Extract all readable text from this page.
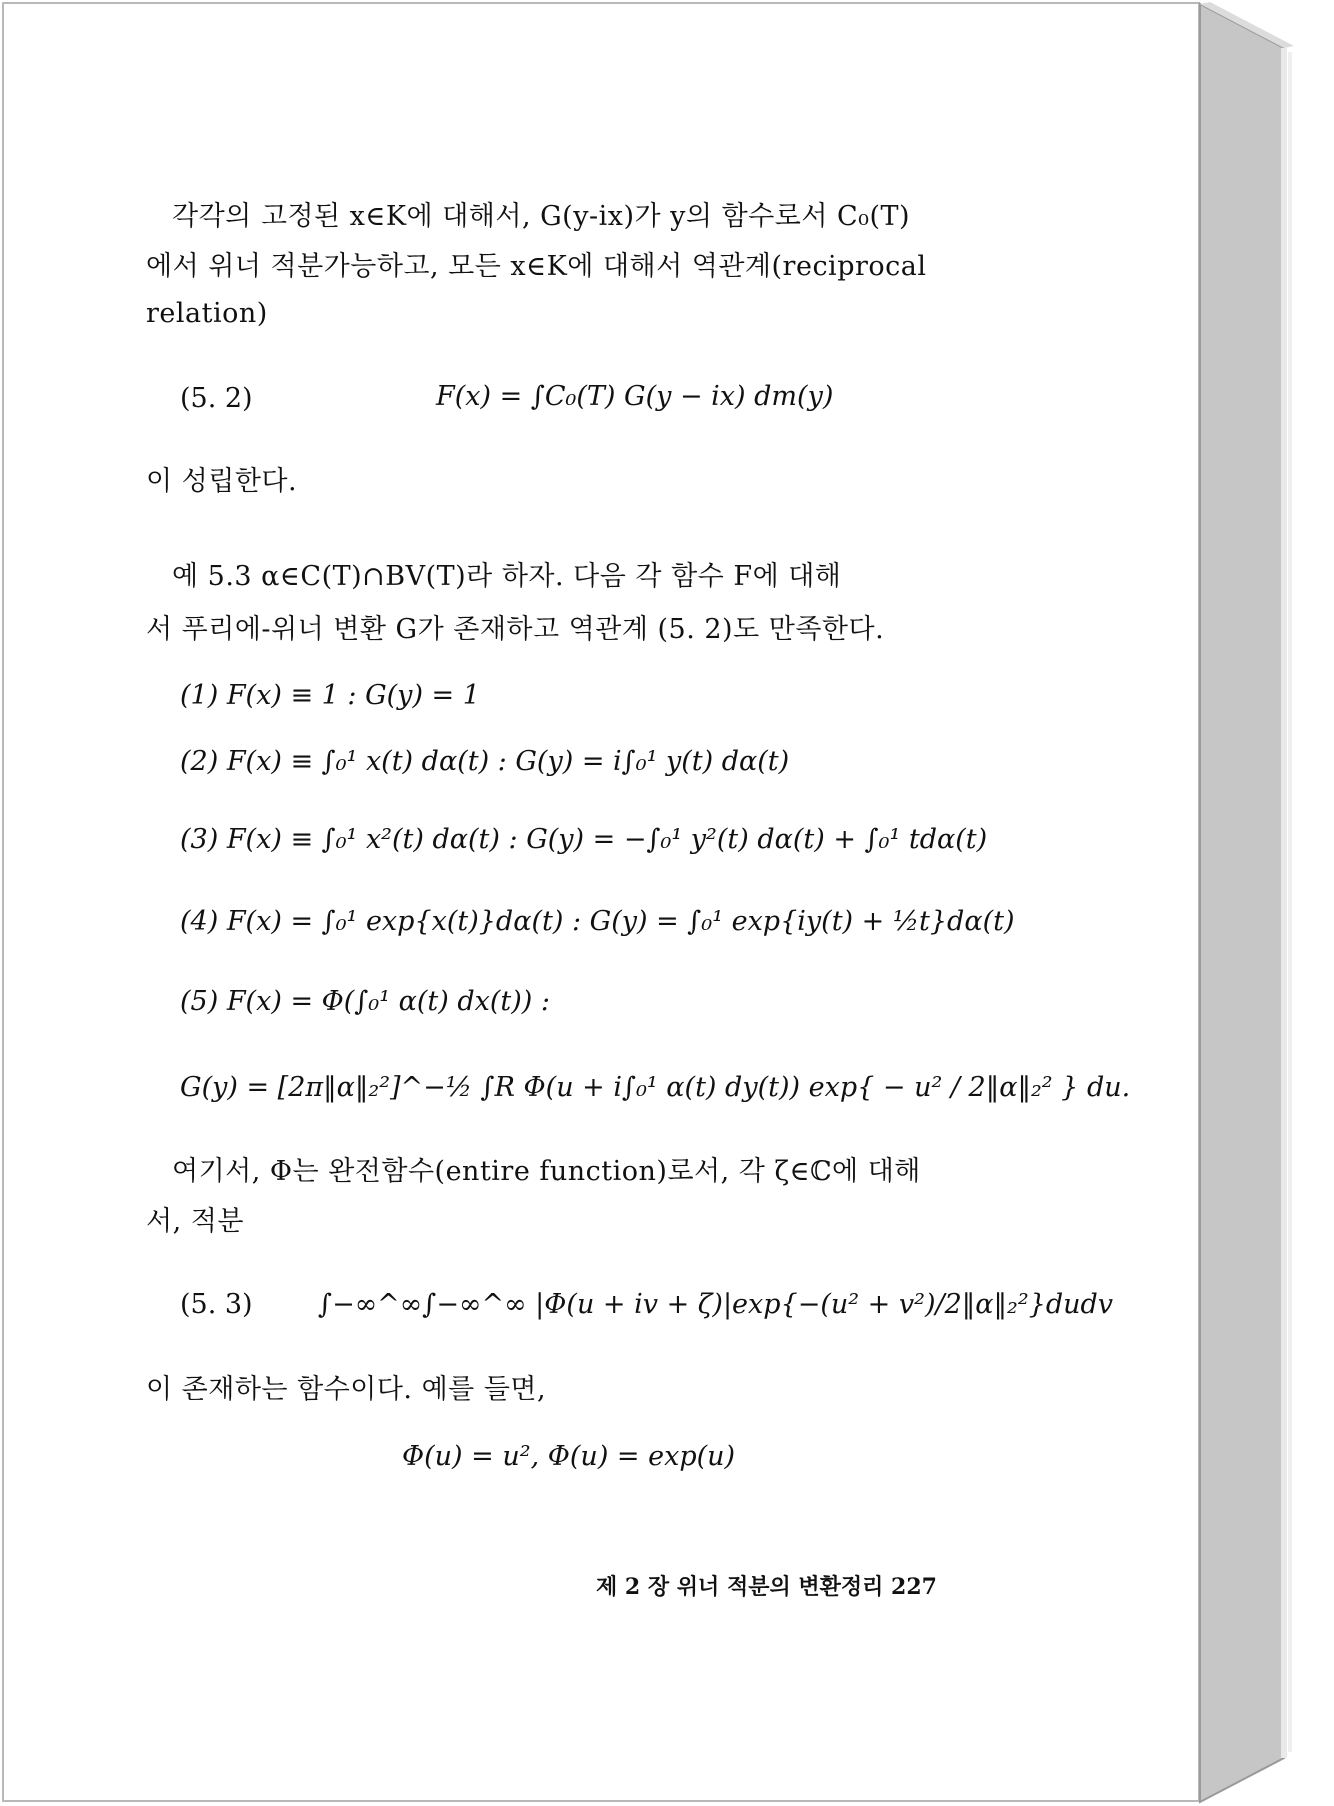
각각의 고정된 x∈K에 대해서, G(y-ix)가 y의 함수로서 C₀(T)
에서 위너 적분가능하고, 모든 x∈K에 대해서 역관계(reciprocal
relation)
(5. 2)	F(x) = ∫C₀(T) G(y − ix) dm(y)
이 성립한다.
예 5.3 α∈C(T)∩BV(T)라 하자. 다음 각 함수 F에 대해
서 푸리에-위너 변환 G가 존재하고 역관계 (5. 2)도 만족한다.
(1) F(x) ≡ 1 : G(y) = 1
(2) F(x) ≡ ∫₀¹ x(t) dα(t) : G(y) = i∫₀¹ y(t) dα(t)
(3) F(x) ≡ ∫₀¹ x²(t) dα(t) : G(y) = −∫₀¹ y²(t) dα(t) + ∫₀¹ tdα(t)
(4) F(x) = ∫₀¹ exp{x(t)}dα(t) : G(y) = ∫₀¹ exp{iy(t) + ½t}dα(t)
(5) F(x) = Φ(∫₀¹ α(t) dx(t)) :
G(y) = [2π‖α‖₂²]^−½ ∫R Φ(u + i∫₀¹ α(t) dy(t)) exp{ − u² / 2‖α‖₂² } du.
여기서, Φ는 완전함수(entire function)로서, 각 ζ∈ℂ에 대해
서, 적분
(5. 3) ∫−∞^∞∫−∞^∞ |Φ(u + iv + ζ)|exp{−(u² + v²)/2‖α‖₂²}dudv
이 존재하는 함수이다. 예를 들면,
Φ(u) = u², Φ(u) = exp(u)
제 2 장 위너 적분의 변환정리 227
